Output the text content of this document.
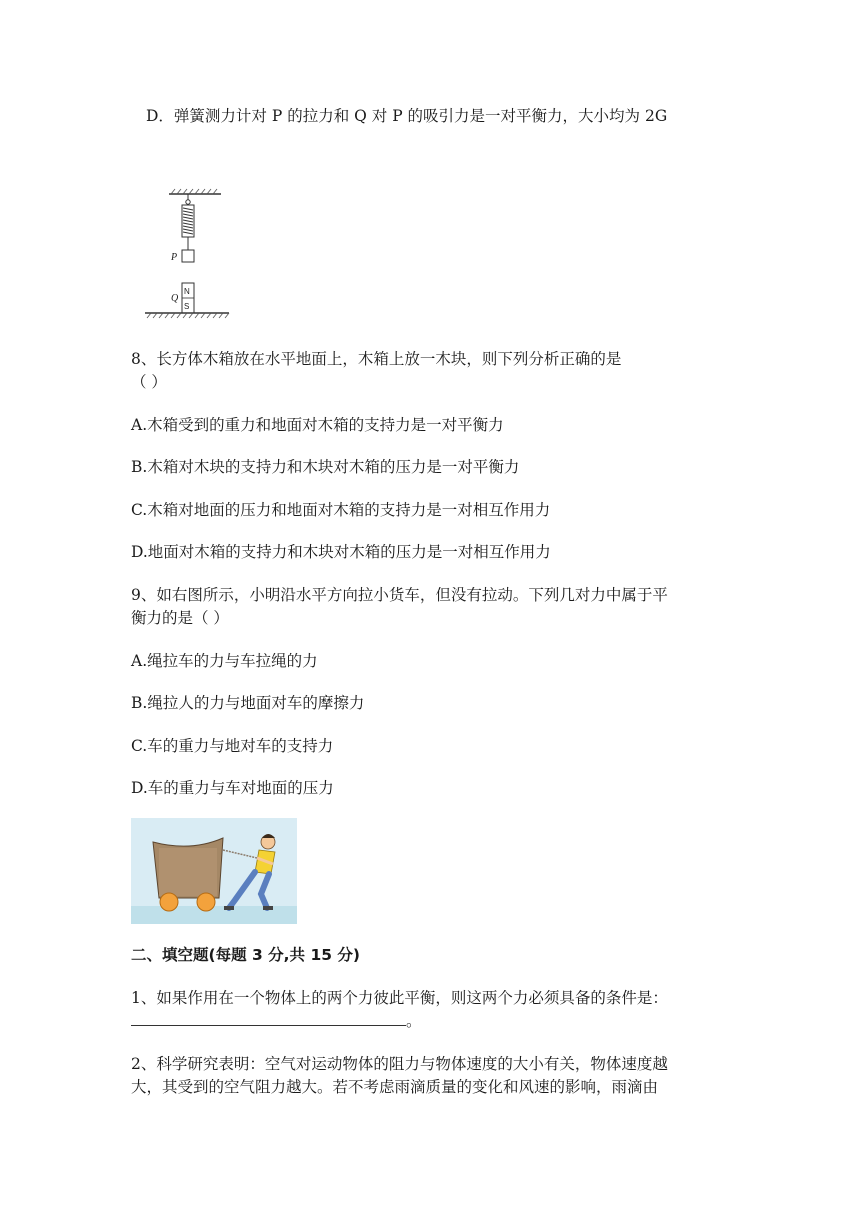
D．弹簧测力计对 P 的拉力和 Q 对 P 的吸引力是一对平衡力，大小均为 2G
P
N
S
Q
8、长方体木箱放在水平地面上，木箱上放一木块，则下列分析正确的是
（ ）
A.木箱受到的重力和地面对木箱的支持力是一对平衡力
B.木箱对木块的支持力和木块对木箱的压力是一对平衡力
C.木箱对地面的压力和地面对木箱的支持力是一对相互作用力
D.地面对木箱的支持力和木块对木箱的压力是一对相互作用力
9、如右图所示，小明沿水平方向拉小货车，但没有拉动。下列几对力中属于平
衡力的是（ ）
A.绳拉车的力与车拉绳的力
B.绳拉人的力与地面对车的摩擦力
C.车的重力与地对车的支持力
D.车的重力与车对地面的压力
二、填空题(每题 3 分,共 15 分)
1、如果作用在一个物体上的两个力彼此平衡，则这两个力必须具备的条件是：
。
2、科学研究表明：空气对运动物体的阻力与物体速度的大小有关，物体速度越
大，其受到的空气阻力越大。若不考虑雨滴质量的变化和风速的影响，雨滴由
